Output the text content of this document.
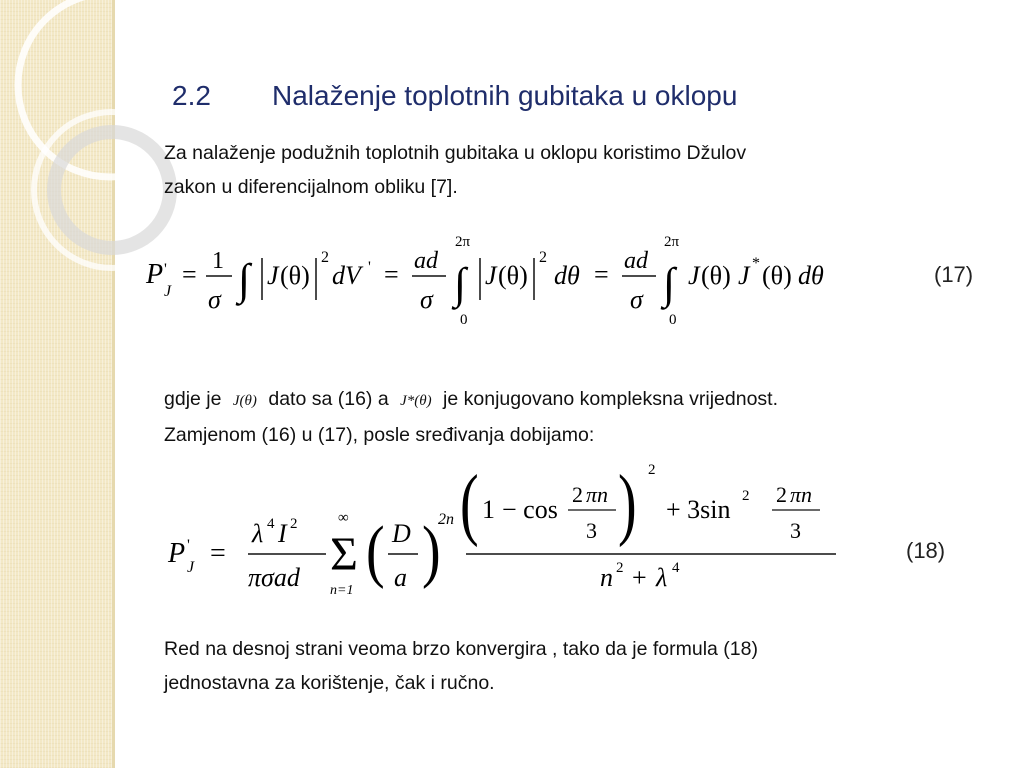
2.2 Nalaženje toplotnih gubitaka u oklopu
Za nalaženje podužnih toplotnih gubitaka u oklopu koristimo Džulov
zakon u diferencijalnom obliku [7].
P '
J
= 1
σ ∫ J (θ)
2
dV ' = ad
σ
2π
∫
0
J (θ)
2
dθ = ad
σ
2π
∫
0
J (θ) J * (θ) dθ	(17)
gdje je J(θ) dato sa (16) a J*(θ) je konjugovano kompleksna vrijednost.
Zamjenom (16) u (17), posle sređivanja dobijamo:
P '
J =
λ 4 I 2
πσad
∞
Σ
n=1
( D
a )
2n ( 1 − cos
2 πn
3 ) 2
+ 3sin 2 2 πn
3
n 2 + λ 4
(18)
Red na desnoj strani veoma brzo konvergira , tako da je formula (18)
jednostavna za korištenje, čak i ručno.
